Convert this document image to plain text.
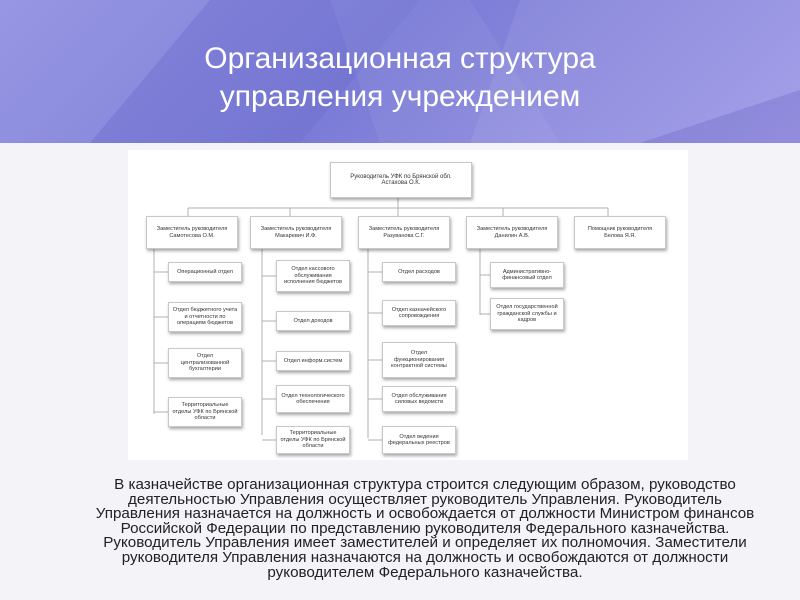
Организационная структура
управления учреждением
Руководитель УФК по Брянской обл.
Астахова О.К.
Заместитель руководителя
Самотесова О.М.
Заместитель руководителя
Макаревич И.Ф.
Заместитель руководителя
Разуванова С.Г.
Заместитель руководителя
Данилин А.В.
Помощник руководителя
Белова Я.Я.
Операционный отдел
Отдел бюджетного учета и отчетности по операциям бюджетов
Отдел централизованной бухгалтерии
Территориальные отделы УФК по Брянской области
Отдел кассового обслуживания исполнения бюджетов
Отдел доходов
Отдел информ.систем
Отдел технологического обеспечения
Территориальные отделы УФК по Брянской области
Отдел расходов
Отдел казначейского сопровождения
Отдел функционирования контрактной системы
Отдел обслуживания силовых ведомств
Отдел ведения федеральных реестров
Административно-финансовый отдел
Отдел государственной гражданской службы и кадров
В казначействе организационная структура строится следующим образом, руководство деятельностью Управления осуществляет руководитель Управления. Руководитель Управления назначается на должность и освобождается от должности Министром финансов Российской Федерации по представлению руководителя Федерального казначейства. Руководитель Управления имеет заместителей и определяет их полномочия. Заместители руководителя Управления назначаются на должность и освобождаются от должности руководителем Федерального казначейства.
